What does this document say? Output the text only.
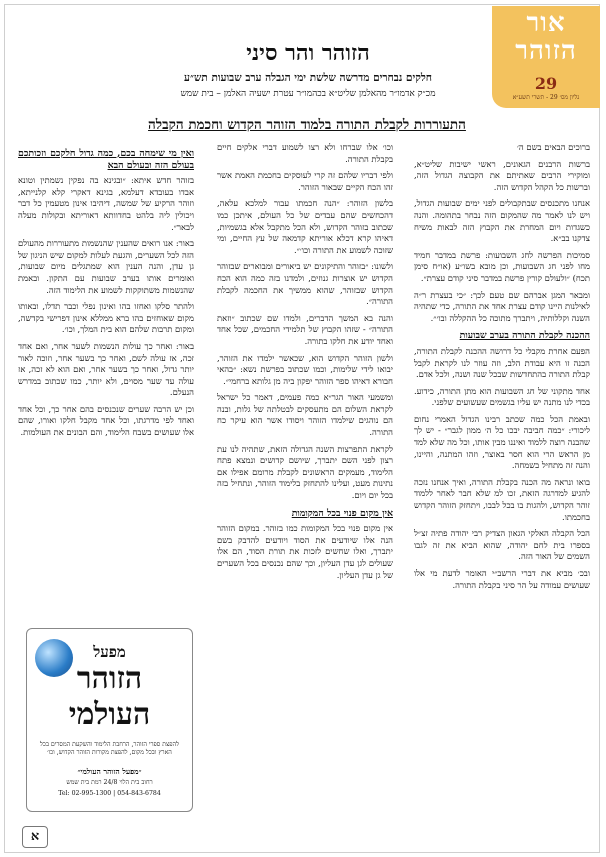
אור
הזוהר
29
גליון מס׳ 29 - תשרי תשע״א
הזוהר והר סיני
חלקים נבחרים מדרשה שלשת ימי הגבלה ערב שבועות תש״ע
מכ״ק אדמו״ר מהאלמן שליט״א בכהמו״ר עטרת ישעיה האלמן – בית שמש
התעוררות לקבלת התורה בלמוד הזוהר הקדוש וחכמת הקבלה

ברוכים הבאים בשם ה׳

ברשות הרבנים הגאונים, ראשי ישיבות שליט״א, ומוקירי הרבים שאתיתם את הקבוצה הגדול הזה, וברשות כל הקהל הקדוש הזה.

אנחנו מתכנסים שבתקבולים לפני ימים שבועות הגדול, ויש לנו לאמר מה שהמקום הזה נבחר בתהומה. והנה כשגדות ויום המחרת את הקבוץ הזה לבאות משיח צדקנו בב״א.

סמיכות הפרשה לחג השבועות: פרשת במדבר חמיד מחו לפני חג השבועות, וכן מובא בשו״ע (או״ח סימן תכח) ״ולעולם קורין פרשת במדבר סיני קודם עצרת״.

ומבאר המגן אברהם שם טעם לכך: ״כי בעצרת ר״ה לאילנות היינו קודם עצרת אחד את התורה, כדי שתהיה השנה וקללותיה, ויתברך מתוכה כל ההקללה ובו׳״.

ההכנה לקבלת התורה בערב שבועות

הפעם אחרת מקבלי כל דרושה ההכנה לקבלת התורה, הכנה זו היא עבודת הלב, וזה עוזר לנו לקראת לקבל קבלת התורה בהתחדשות שבכל שנה ושנה, ולכל אדם.

אחד מתקוני של חג השבועות הוא מתן התורה, כידוע. בכדי לנו מתנה יש עליו בגשמים שעשועים שלפני.

ובאמת הכל כמה שכתב רבינו הגדול האמרי נחום ליכורי: ״כמה חביבה יבכו כל ה׳ ממון לגבר״ - יש לך שהבנה רוצה ללמוד ואיננו מבין אותו, וכל מה שלא למד מן הראש הרי הוא חסר באוצר, וזהו המתנה, והיינו, והנה זה מתחיל בשמחה.

בואו ונראה מה הכנה בקבלת התורה, ואיך אנחנו נזכה להגיע למדרגה הזאת, זכו למ שלא חבר לאחר ללמוד זוהר הקדוש, ולהגות בו בכל לבבו, ויתחזק הזוהר הקדוש בחכמתו.

הכל הקבלה האלקי הגאון הצדיק רבי יהודה פתיה זצ״ל בספרו בית לחם יהודה, שהוא הביא את זה לגבו השמים של האור הזה.

ובכ׳ מביא את דברי הרשב״י האומר לדעת מי אלו שעושים עמודה על הר סיני בקבלת התורה.

וכו׳ אלו שברחו ולא רצו לשמוע דברי אלקים חיים בקבלת התורה.

ולפי דבריו שלהם זה קרי לעוסקים בחכמת האמת אשר זהו הכח הקיים שבאור הזוהר.

בלשון הזוהר: ״הנה חכמתו עבור למלכא עלאה, דהכחשים שהם עבדים של כל העולם, איתכן כמו שכתוב בזוהר הקדוש, ולא הכל מתקבל אלא בגשמיות, דאיהו קרא דכלא אוריתא קדמאה של עץ החיים, ומי שזוכה לשמוע את התורה וכו׳״.

ולשונו: ״בזוהר והתיקונים יש ביאורים ומבוארים שבזוהר הקדוש יש אוצרות גנוזים, ולמדנו בזה כמה הוא הכח הקדוש שבזוהר, שהוא ממשיך את החכמה לקבלת התורה״.

והנה בא המשך הדברים, ולמדו שם שכתוב ״וזאת התורה״ - שזהו הקבוץ של תלמידי החכמים, שכל אחד ואחד יודע את חלקו בתורה.

ולשון הזוהר הקדוש הוא, שכאשר ילמדו את הזוהר, יבואו לידי שלימות, וכמו שכתוב בפרשת נשא: ״בהאי חבורא דאיהו ספר הזוהר יפקון ביה מן גלותא ברחמי״.

ומשמעי האור הגר״א כמה פעמים, דאמר כל ישראל לקראת השלום הם מתעסקים לבטלתה של גלות, ובנה הם נוהגים שילמדו הזוהר ויסודו אשר הוא עיקר כח התורה.

לקראת התפרצות השנה הגדולה הזאת, שתהיה לנו עת רצון לפני השם יתברך, שיושם קדושים ונמצא פתח הלימוד, מעמקים הראשונים לקבלת מרומם אפילו אם נתינות מעט, ועלינו להתחזק בלימוד הזוהר, ונתחיל בזה בכל יום ויום.

אין מקום פנוי בכל המקומות

אין מקום פנוי בכל המקומות כמו בזוהר. במקום הזוהר הנה אלו שיודעים את הסוד ויודעים להדבק בשם יתברך, ואלו שחשים לזכות את תורת הסוד, הם אלו שעולים לגן עדן העליון, וכך שהם נכנסים בכל השערים של גן עדן העליון.

ואין מי שימחה בכם, כמה גדול חלקכם וזכותכם בעולם הזה ובעולם הבא

בזוהר חדש איתא: ״ובגינא בה נפקין נשמתין וטונא אבדו בעובדא דעלמא, בגינא דאקרי קלא קלנייתא, וזוהר הרקיע של שמשה, דיהיבו אינון מטעמין כל דבר ויכולין ליה בלהט בחדוותא דאוריתא ובקולות מעלה לבאר״.

באור: אנו רואים שהענין שהנשמות מתעוררות מהעולם הזה לכל השערים, והגעת לעלות למקום שיש הניגון של גן עדן, והנה הענין הוא שמתגלים מיום שבועות, ואומרים אותו בערב שבועות עם התקון. ובאמת שהנשמות משתוקקות לשמוע את הלימוד הזה.

ולהתר סלקו ואחזו בהו ואינון נפלי וכבר תדלו, ובאותו מקום שאוחזים בהו ברא ממללא אינון דפרישי בקדשה, ומקום תרבות שלהם הוא בית המלך, וכו׳.

באור: ואחר כך עולות הנשמות לשער אחר, ואם אחד זכה, אז עולה לשם, ואחר כך בשער אחר, וזוכה לאור יותר גדול, ואחר כך בשער אחר, ואם הוא לא זכה, אז עולה עד שער מסוים, ולא יותר, כמו שכתוב במדרש הנעלם.

וכן יש הרבה שערים שנכנסים בהם אחר כך, וכל אחד ואחד לפי מדרגתו, וכל אחד מקבל חלקו ואורו, שהם אלו שעושים בשבח הלימוד, והם הבונים את העולמות.

מפעל
הזוהר
העולמי
להפצת ספרי הזוהר, הרחבת הלימוד והשקעת המסרים בכל הארץ ובכל מקום, להפצת מקורות הזוהר הקדוש, וכו׳
״מפעל הזוהר העולמי״
רחוב בית הלוי 24/8 רמת בית שמש
Tel: 02-995-1300 | 054-843-6784
א
